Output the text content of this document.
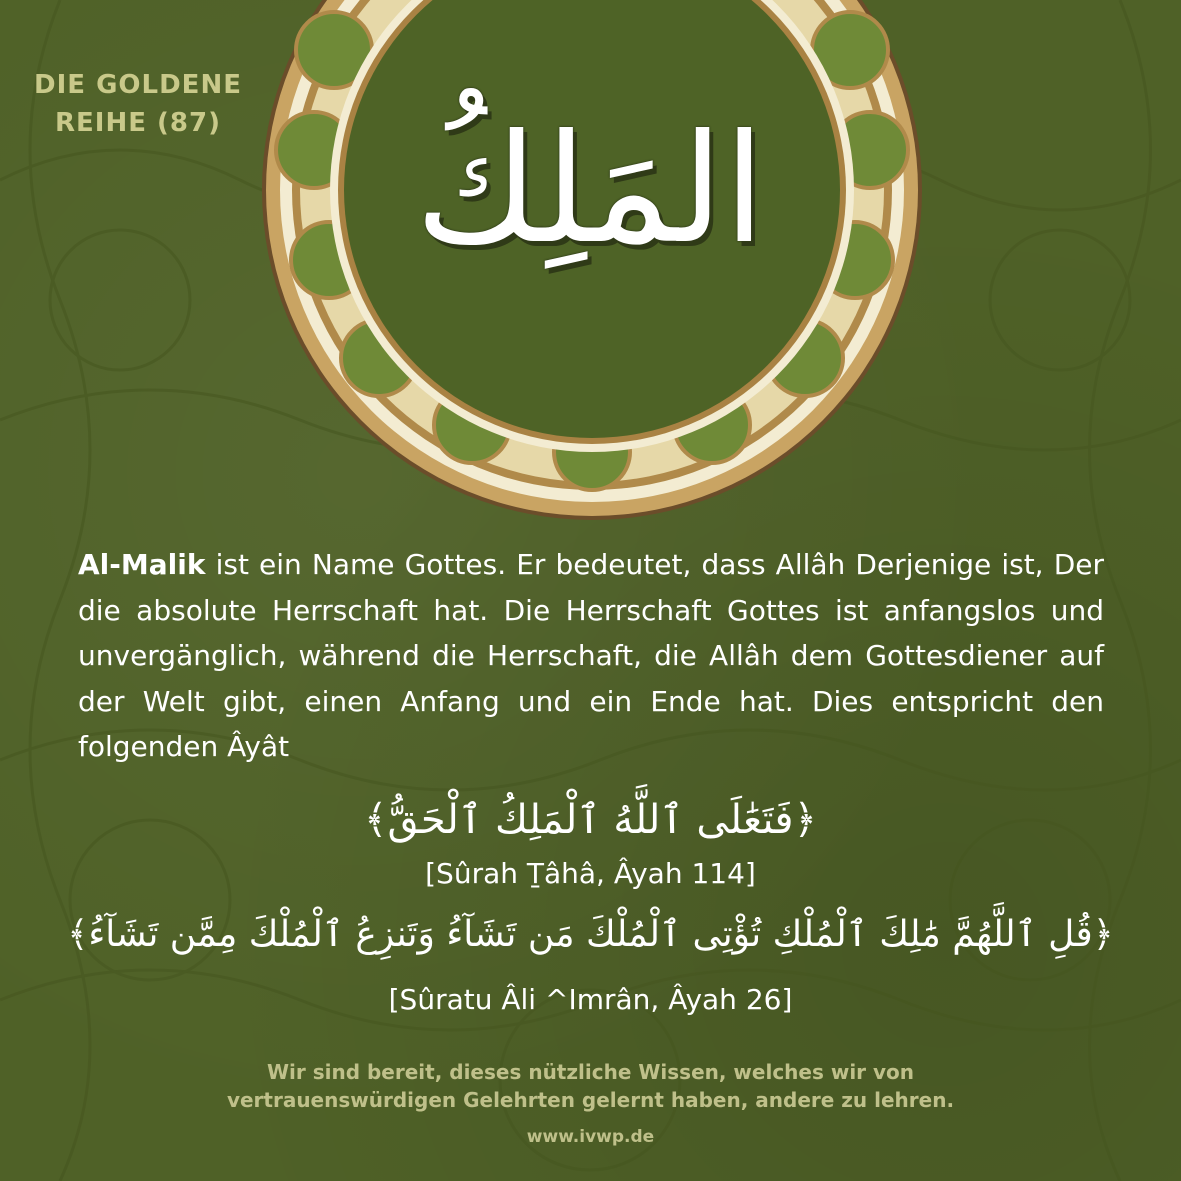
DIE GOLDENE
REIHE (87) المَلِكُ
Al-Malik ist ein Name Gottes. Er bedeutet, dass Allâh Derjenige ist, Der die absolute Herrschaft hat. Die Herrschaft Gottes ist anfangslos und unvergänglich, während die Herrschaft, die Allâh dem Gottesdiener auf der Welt gibt, einen Anfang und ein Ende hat. Dies entspricht den folgenden Âyât
﴿فَتَعَٰلَى ٱللَّهُ ٱلْمَلِكُ ٱلْحَقُّ﴾
[Sûrah Ṯâhâ, Âyah 114]
﴿قُلِ ٱللَّهُمَّ مَٰلِكَ ٱلْمُلْكِ تُؤْتِى ٱلْمُلْكَ مَن تَشَآءُ وَتَنزِعُ ٱلْمُلْكَ مِمَّن تَشَآءُ﴾
[Sûratu Âli ^Imrân, Âyah 26]
Wir sind bereit, dieses nützliche Wissen, welches wir von
vertrauenswürdigen Gelehrten gelernt haben, andere zu lehren.
www.ivwp.de
